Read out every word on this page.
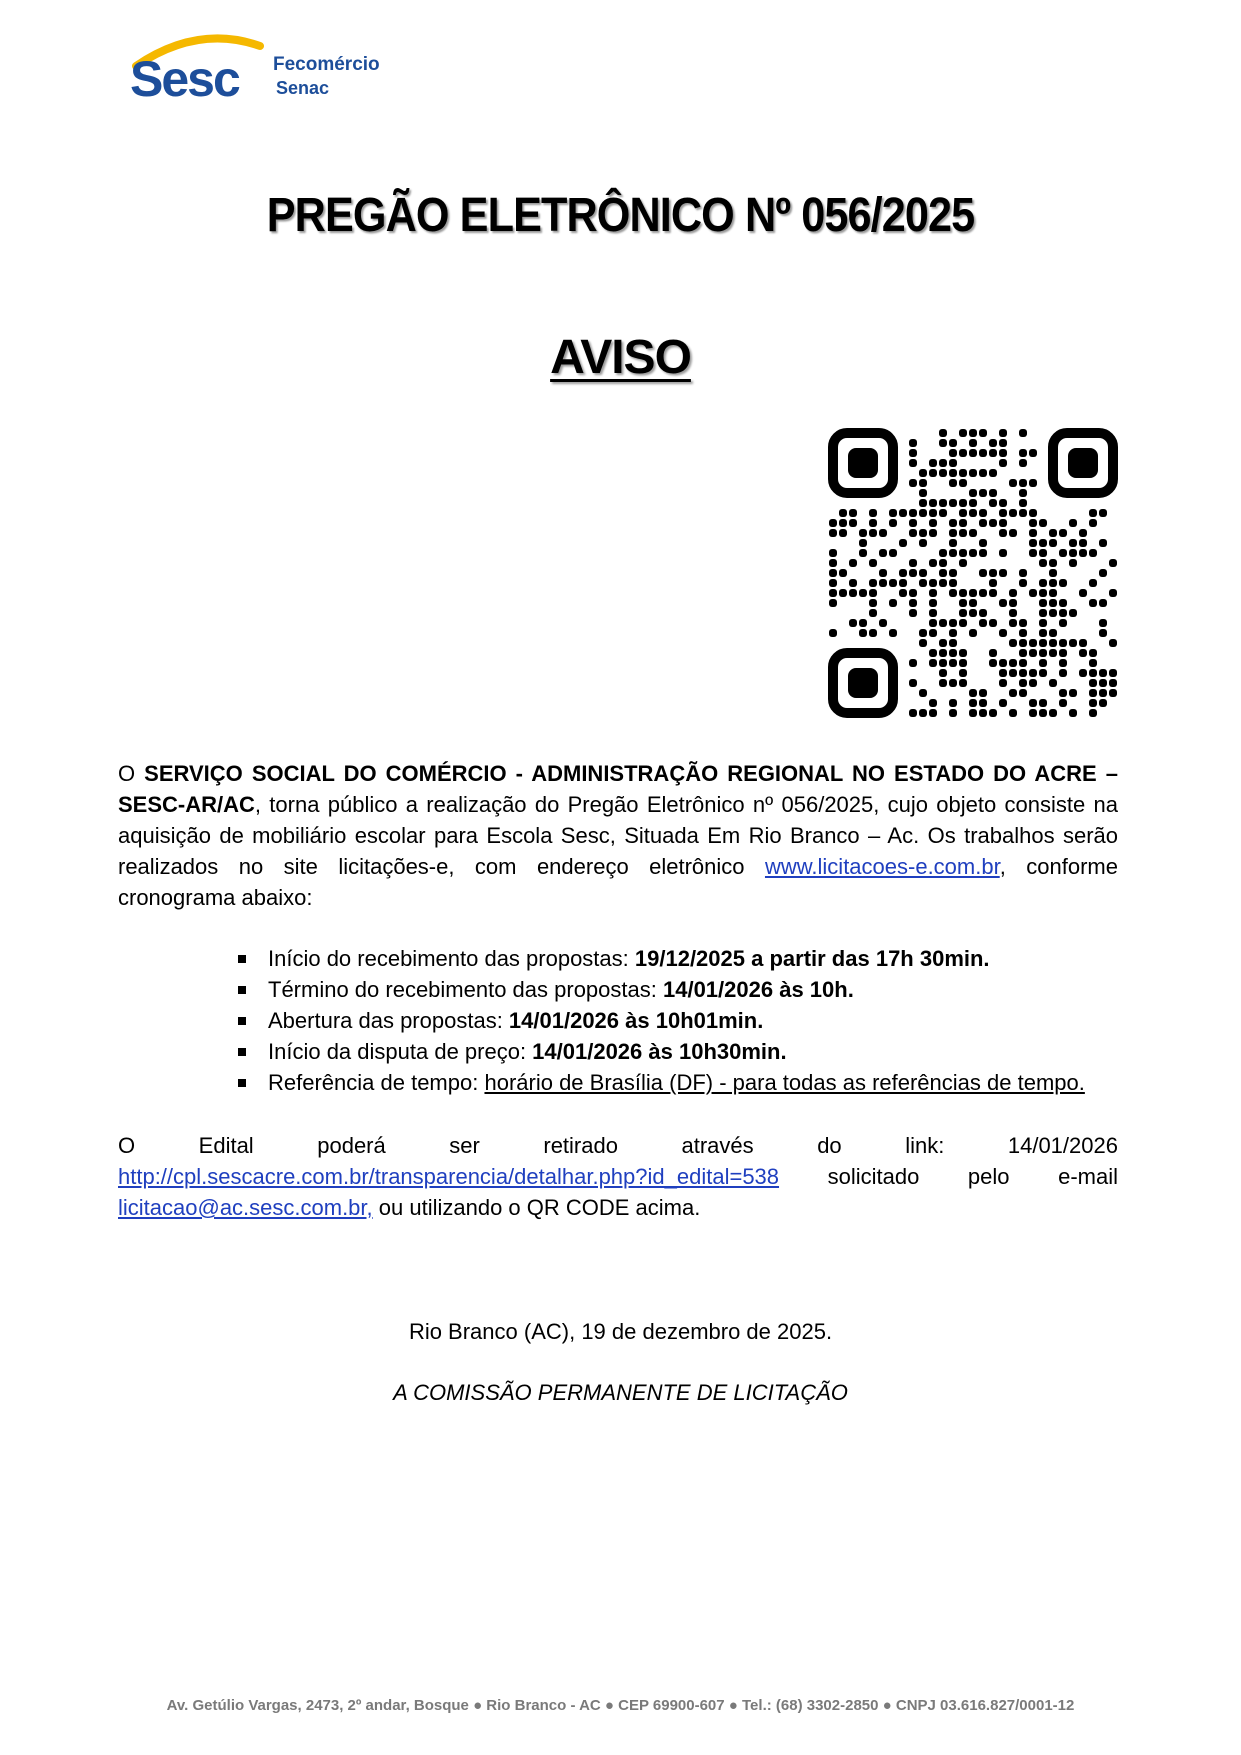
Sesc Fecomércio
Senac
PREGÃO ELETRÔNICO Nº 056/2025
AVISO
O SERVIÇO SOCIAL DO COMÉRCIO - ADMINISTRAÇÃO REGIONAL NO ESTADO DO ACRE – SESC-AR/AC, torna público a realização do Pregão Eletrônico nº 056/2025, cujo objeto consiste na aquisição de mobiliário escolar para Escola Sesc, Situada Em Rio Branco – Ac. Os trabalhos serão realizados no site licitações-e, com endereço eletrônico www.licitacoes-e.com.br, conforme cronograma abaixo:
Início do recebimento das propostas: 19/12/2025 a partir das 17h 30min.
Término do recebimento das propostas: 14/01/2026 às 10h.
Abertura das propostas: 14/01/2026 às 10h01min.
Início da disputa de preço: 14/01/2026 às 10h30min.
Referência de tempo: horário de Brasília (DF) - para todas as referências de tempo.
O	Edital	poderá	ser	retirado	através	do	link:	14/01/2026
http://cpl.sescacre.com.br/transparencia/detalhar.php?id_edital=538 solicitado pelo e-mail
licitacao@ac.sesc.com.br, ou utilizando o QR CODE acima.
Rio Branco (AC), 19 de dezembro de 2025.
A COMISSÃO PERMANENTE DE LICITAÇÃO
Av. Getúlio Vargas, 2473, 2º andar, Bosque ● Rio Branco - AC ● CEP 69900-607 ● Tel.: (68) 3302-2850 ● CNPJ 03.616.827/0001-12
